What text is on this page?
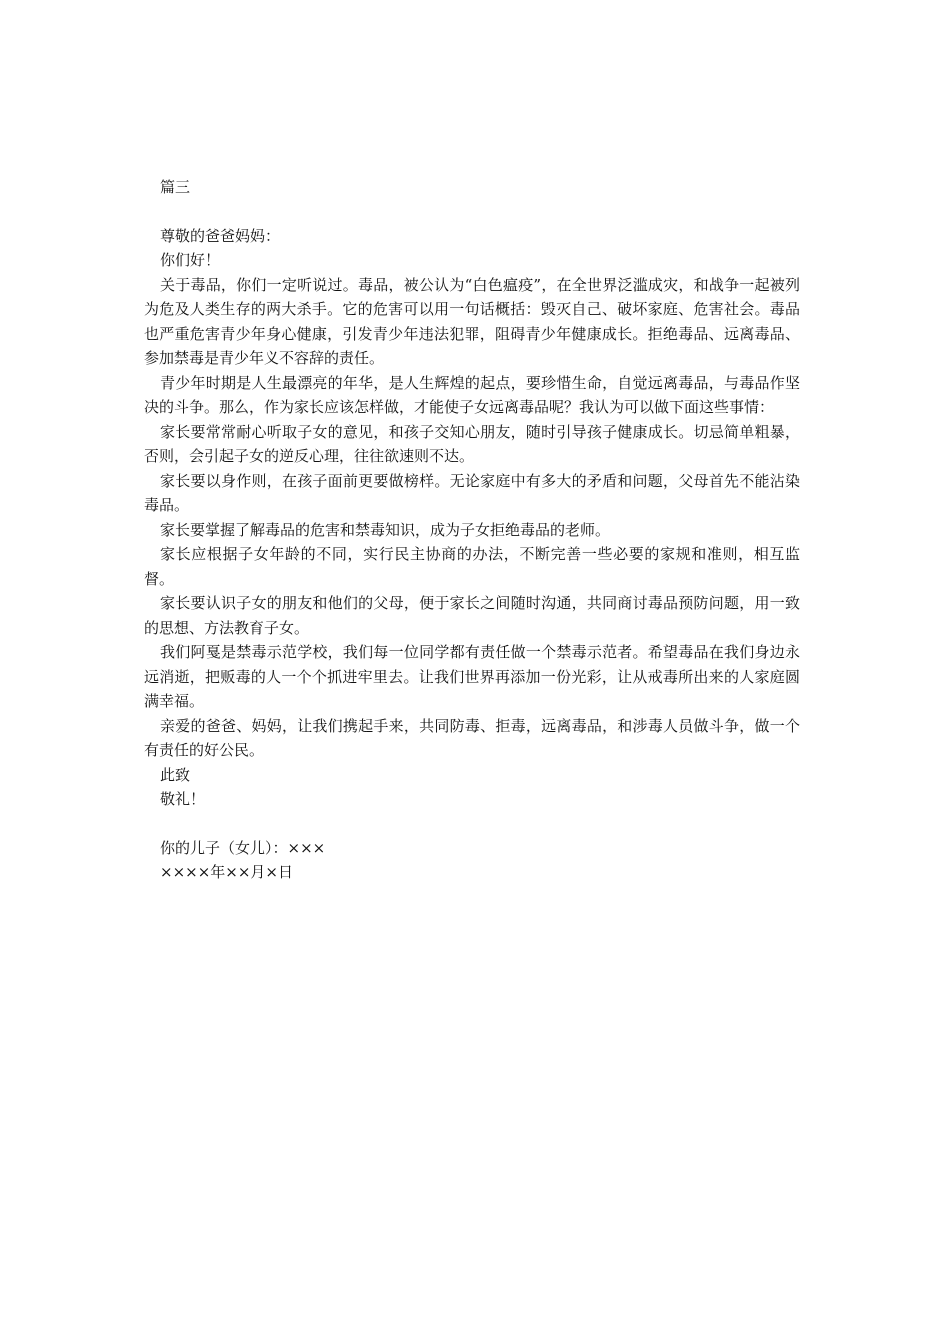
篇三

尊敬的爸爸妈妈：

你们好！

关于毒品，你们一定听说过。毒品，被公认为“白色瘟疫”，在全世界泛滥成灾，和战争一起被列为危及人类生存的两大杀手。它的危害可以用一句话概括：毁灭自己、破坏家庭、危害社会。毒品也严重危害青少年身心健康，引发青少年违法犯罪，阻碍青少年健康成长。拒绝毒品、远离毒品、参加禁毒是青少年义不容辞的责任。

青少年时期是人生最漂亮的年华，是人生辉煌的起点，要珍惜生命，自觉远离毒品，与毒品作坚决的斗争。那么，作为家长应该怎样做，才能使子女远离毒品呢？我认为可以做下面这些事情：

家长要常常耐心听取子女的意见，和孩子交知心朋友，随时引导孩子健康成长。切忌简单粗暴，否则，会引起子女的逆反心理，往往欲速则不达。

家长要以身作则，在孩子面前更要做榜样。无论家庭中有多大的矛盾和问题，父母首先不能沾染毒品。

家长要掌握了解毒品的危害和禁毒知识，成为子女拒绝毒品的老师。

家长应根据子女年龄的不同，实行民主协商的办法，不断完善一些必要的家规和准则，相互监督。

家长要认识子女的朋友和他们的父母，便于家长之间随时沟通，共同商讨毒品预防问题，用一致的思想、方法教育子女。

我们阿戛是禁毒示范学校，我们每一位同学都有责任做一个禁毒示范者。希望毒品在我们身边永远消逝，把贩毒的人一个个抓进牢里去。让我们世界再添加一份光彩，让从戒毒所出来的人家庭圆满幸福。

亲爱的爸爸、妈妈，让我们携起手来，共同防毒、拒毒，远离毒品，和涉毒人员做斗争，做一个有责任的好公民。

此致

敬礼！

你的儿子（女儿）：×××

××××年××月×日
